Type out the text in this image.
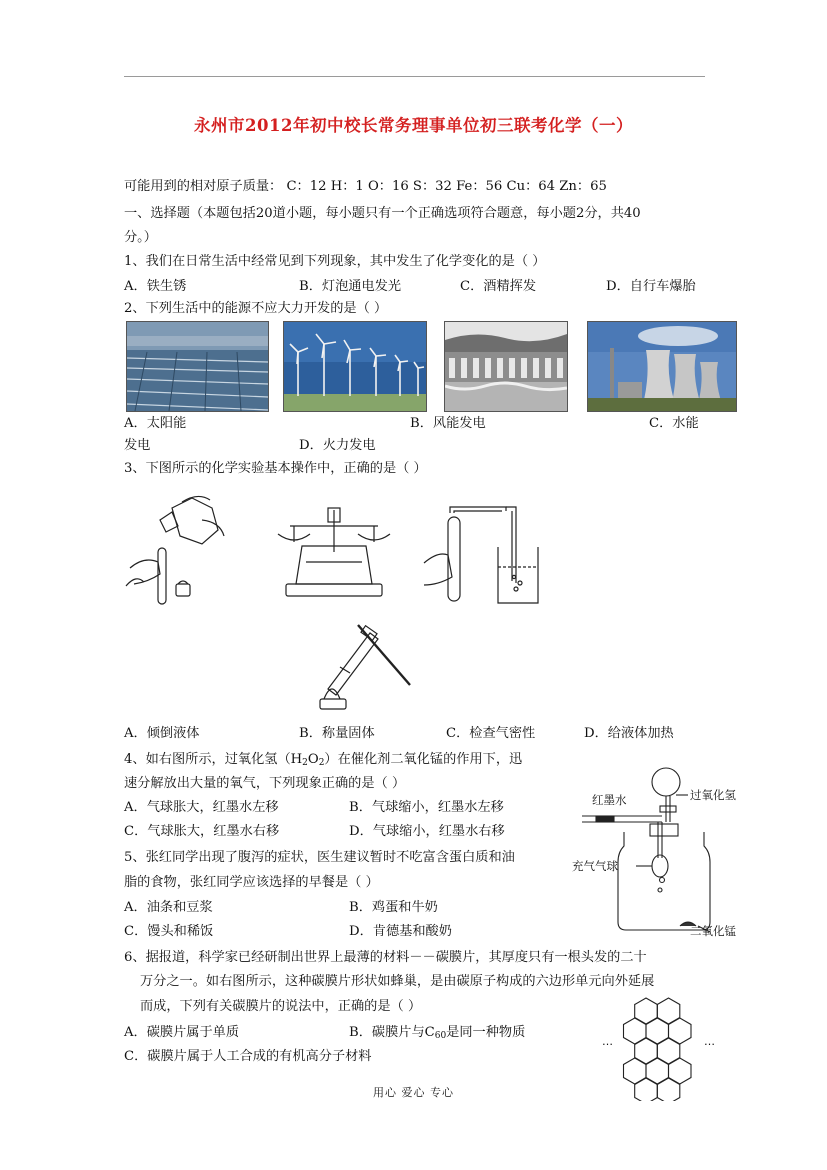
永州市2012年初中校长常务理事单位初三联考化学（一）
可能用到的相对原子质量： C：12 H：1 O：16 S：32 Fe：56 Cu：64 Zn：65
一、选择题（本题包括20道小题，每小题只有一个正确选项符合题意，每小题2分，共40
分。）
1、我们在日常生活中经常见到下列现象，其中发生了化学变化的是（ ）
A．铁生锈	B．灯泡通电发光	C．酒精挥发	D．自行车爆胎
2、下列生活中的能源不应大力开发的是（ ）
A．太阳能	B．风能发电	C．水能
发电	D．火力发电
3、下图所示的化学实验基本操作中，正确的是（ ）
A．倾倒液体	B．称量固体	C．检查气密性	D．给液体加热
4、如右图所示，过氧化氢$(H_2O_2)$在催化剂二氧化锰的作用下，迅
速分解放出大量的氧气，下列现象正确的是（ ）
A．气球胀大，红墨水左移	B．气球缩小，红墨水左移
C．气球胀大，红墨水右移	D．气球缩小，红墨水右移
红墨水	过氧化氢
充气气球
二氧化锰
5、张红同学出现了腹泻的症状，医生建议暂时不吃富含蛋白质和油
脂的食物，张红同学应该选择的早餐是（ ）
A．油条和豆浆	B．鸡蛋和牛奶
C．馒头和稀饭	D．肯德基和酸奶
6、据报道，科学家已经研制出世界上最薄的材料－－碳膜片，其厚度只有一根头发的二十
万分之一。如右图所示，这种碳膜片形状如蜂巢，是由碳原子构成的六边形单元向外延展
而成，下列有关碳膜片的说法中，正确的是（ ）
A．碳膜片属于单质	B．碳膜片与$C_{60}$是同一种物质
C．碳膜片属于人工合成的有机高分子材料
…	…
用心 爱心 专心
